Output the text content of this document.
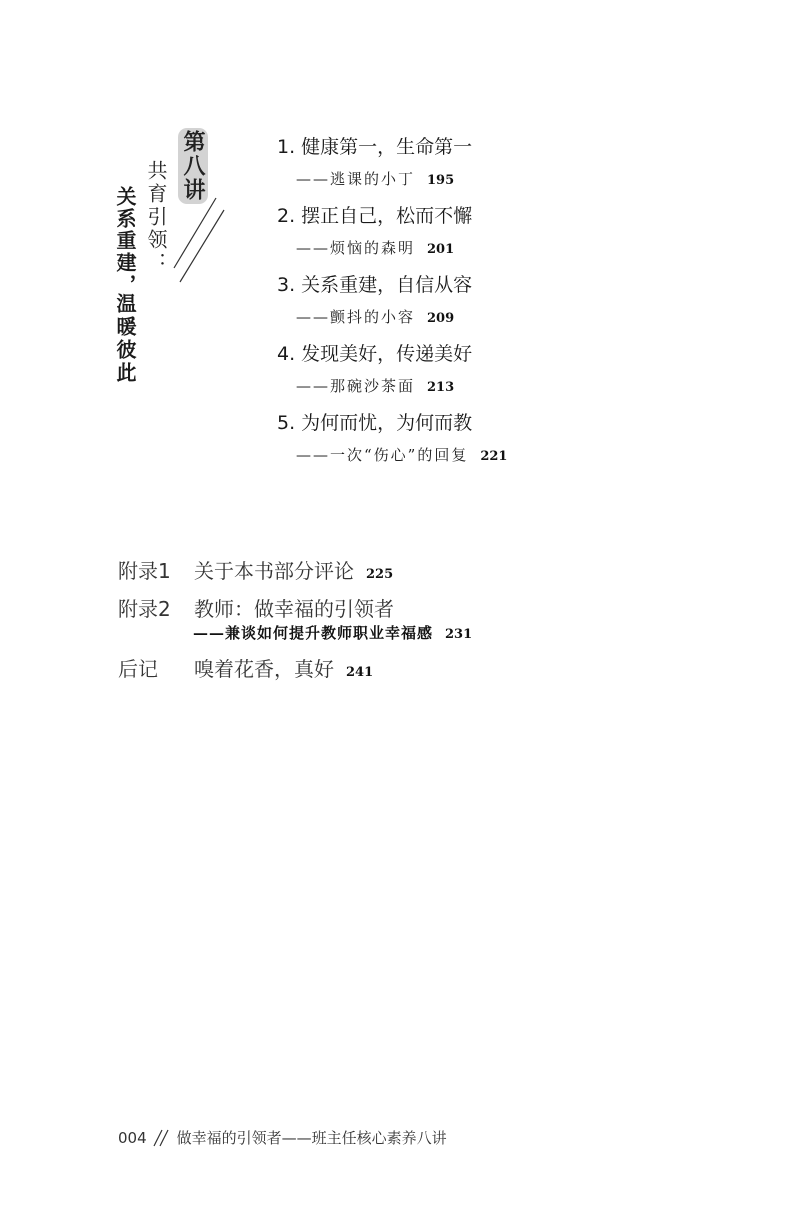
第八讲
共育引领：
关系重建，
温暖彼此
1. 健康第一，生命第一
——逃课的小丁 195
2. 摆正自己，松而不懈
——烦恼的森明 201
3. 关系重建，自信从容
——颤抖的小容 209
4. 发现美好，传递美好
——那碗沙茶面 213
5. 为何而忧，为何而教
——一次“伤心”的回复 221
附录1 关于本书部分评论 225
附录2 教师：做幸福的引领者
——兼谈如何提升教师职业幸福感 231
后记 嗅着花香，真好 241
004 做幸福的引领者——班主任核心素养八讲
